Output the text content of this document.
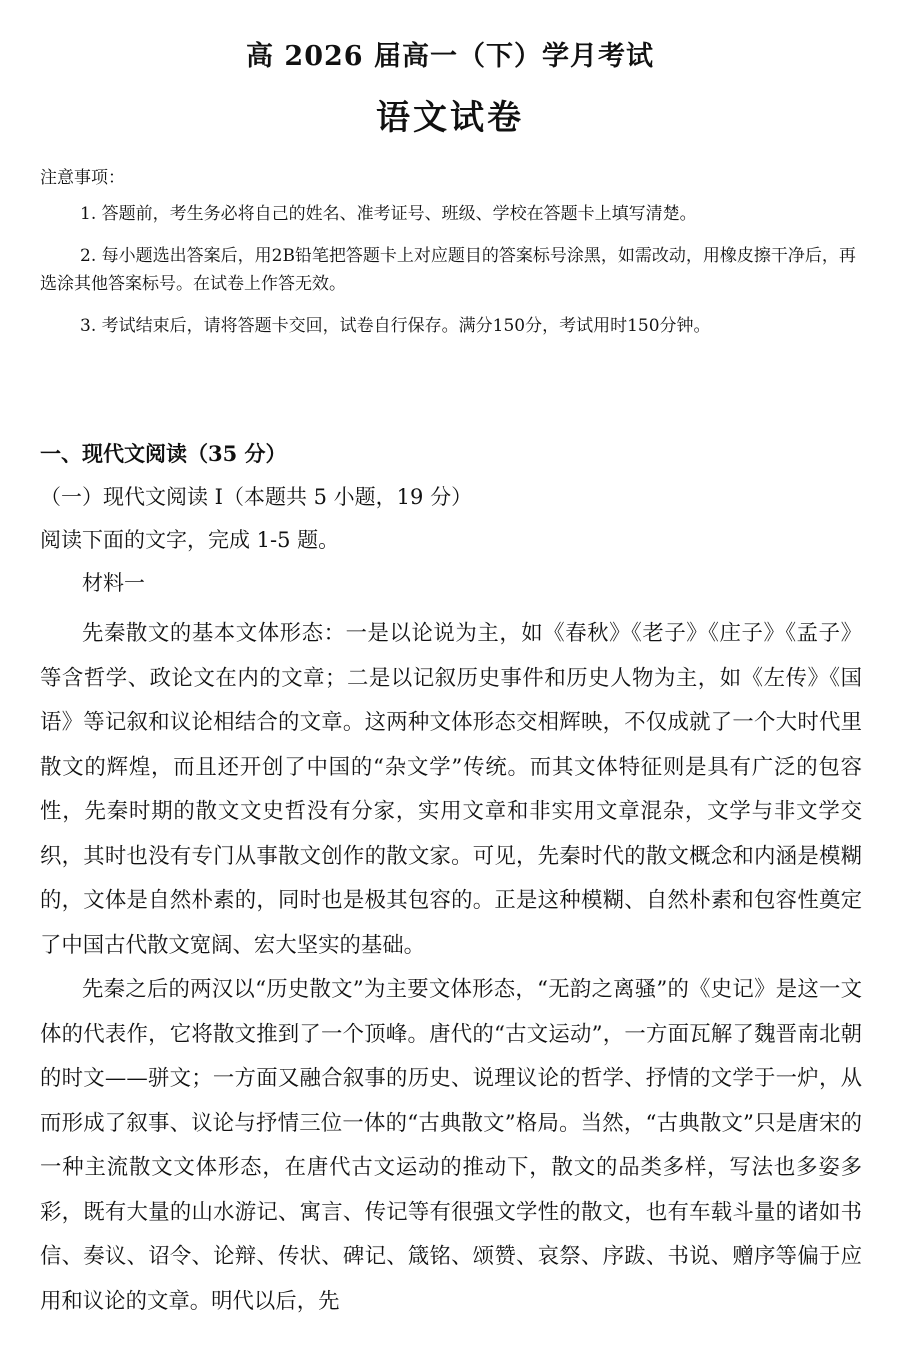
高 2026 届高一（下）学月考试
语文试卷
注意事项：
1. 答题前，考生务必将自己的姓名、准考证号、班级、学校在答题卡上填写清楚。
2. 每小题选出答案后，用2B铅笔把答题卡上对应题目的答案标号涂黑，如需改动，用橡皮擦干净后，再选涂其他答案标号。在试卷上作答无效。
3. 考试结束后，请将答题卡交回，试卷自行保存。满分150分，考试用时150分钟。
一、现代文阅读（35 分）
（一）现代文阅读 I（本题共 5 小题，19 分）
阅读下面的文字，完成 1-5 题。
材料一

先秦散文的基本文体形态：一是以论说为主，如《春秋》《老子》《庄子》《孟子》等含哲学、政论文在内的文章；二是以记叙历史事件和历史人物为主，如《左传》《国语》等记叙和议论相结合的文章。这两种文体形态交相辉映，不仅成就了一个大时代里散文的辉煌，而且还开创了中国的“杂文学”传统。而其文体特征则是具有广泛的包容性，先秦时期的散文文史哲没有分家，实用文章和非实用文章混杂，文学与非文学交织，其时也没有专门从事散文创作的散文家。可见，先秦时代的散文概念和内涵是模糊的，文体是自然朴素的，同时也是极其包容的。正是这种模糊、自然朴素和包容性奠定了中国古代散文宽阔、宏大坚实的基础。

先秦之后的两汉以“历史散文”为主要文体形态，“无韵之离骚”的《史记》是这一文体的代表作，它将散文推到了一个顶峰。唐代的“古文运动”，一方面瓦解了魏晋南北朝的时文——骈文；一方面又融合叙事的历史、说理议论的哲学、抒情的文学于一炉，从而形成了叙事、议论与抒情三位一体的“古典散文”格局。当然，“古典散文”只是唐宋的一种主流散文文体形态，在唐代古文运动的推动下，散文的品类多样，写法也多姿多彩，既有大量的山水游记、寓言、传记等有很强文学性的散文，也有车载斗量的诸如书信、奏议、诏令、论辩、传状、碑记、箴铭、颂赞、哀祭、序跋、书说、赠序等偏于应用和议论的文章。明代以后，先
